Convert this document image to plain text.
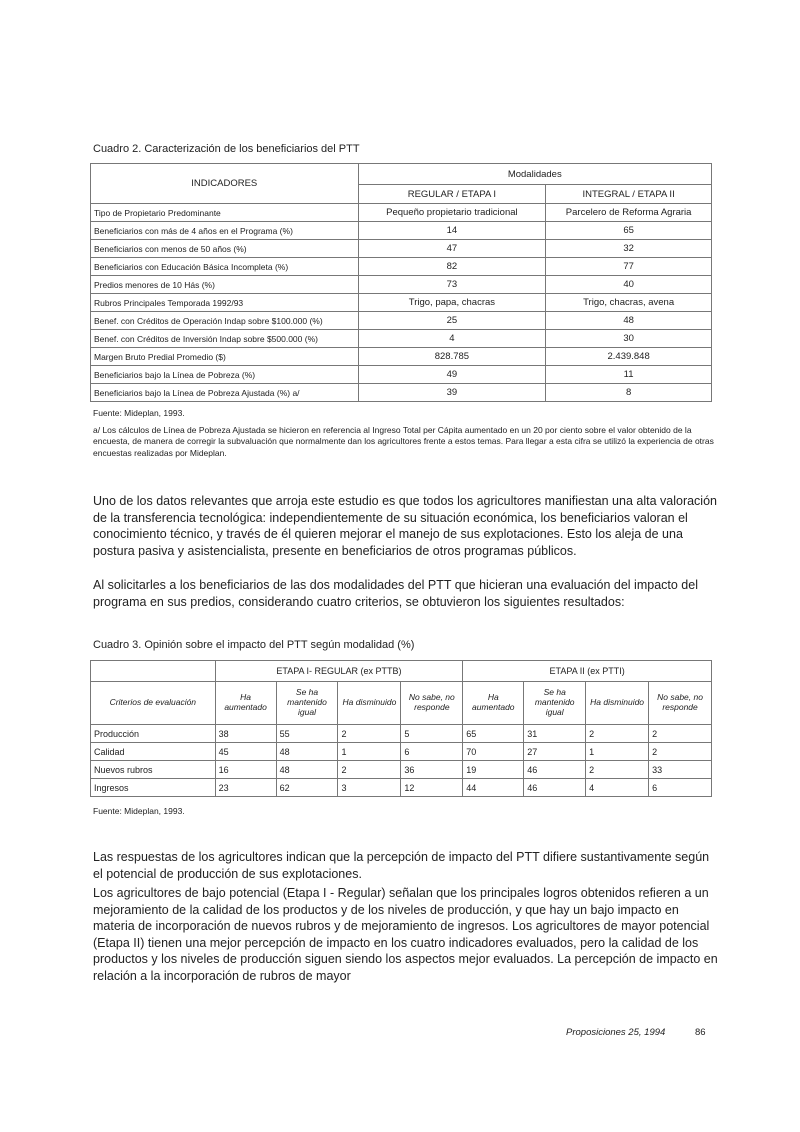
Cuadro 2. Caracterización de los beneficiarios del PTT
INDICADORES	Modalidades	
	REGULAR / ETAPA I	INTEGRAL / ETAPA II
Tipo de Propietario Predominante	Pequeño propietario tradicional	Parcelero de Reforma Agraria
Beneficiarios con más de 4 años en el Programa (%)	14	65
Beneficiarios con menos de 50 años (%)	47	32
Beneficiarios con Educación Básica Incompleta (%)	82	77
Predios menores de 10 Hás (%)	73	40
Rubros Principales Temporada 1992/93	Trigo, papa, chacras	Trigo, chacras, avena
Benef. con Créditos de Operación Indap sobre $100.000 (%)	25	48
Benef. con Créditos de Inversión Indap sobre $500.000 (%)	4	30
Margen Bruto Predial Promedio ($)	828.785	2.439.848
Beneficiarios bajo la Línea de Pobreza (%)	49	11
Beneficiarios bajo la Línea de Pobreza Ajustada (%) a/	39	8
Fuente: Mideplan, 1993.
a/ Los cálculos de Línea de Pobreza Ajustada se hicieron en referencia al Ingreso Total per Cápita aumentado en un 20 por ciento sobre el valor obtenido de la encuesta, de manera de corregir la subvaluación que normalmente dan los agricultores frente a estos temas. Para llegar a esta cifra se utilizó la experiencia de otras encuestas realizadas por Mideplan.

Uno de los datos relevantes que arroja este estudio es que todos los agricultores manifiestan una alta valoración de la transferencia tecnológica: independientemente de su situación económica, los beneficiarios valoran el conocimiento técnico, y través de él quieren mejorar el manejo de sus explotaciones. Esto los aleja de una postura pasiva y asistencialista, presente en beneficiarios de otros programas públicos.

Al solicitarles a los beneficiarios de las dos modalidades del PTT que hicieran una evaluación del impacto del programa en sus predios, considerando cuatro criterios, se obtuvieron los siguientes resultados:

Cuadro 3. Opinión sobre el impacto del PTT según modalidad (%)
	ETAPA I- REGULAR (ex PTTB)				ETAPA II (ex PTTI)			
Criterios de evaluación	Ha aumentado	Se ha mantenido igual	Ha disminuido	No sabe, no responde	Ha aumentado	Se ha mantenido igual	Ha disminuido	No sabe, no responde
Producción	38	55	2	5	65	31	2	2
Calidad	45	48	1	6	70	27	1	2
Nuevos rubros	16	48	2	36	19	46	2	33
Ingresos	23	62	3	12	44	46	4	6
Fuente: Mideplan, 1993.

Las respuestas de los agricultores indican que la percepción de impacto del PTT difiere sustantivamente según el potencial de producción de sus explotaciones.

Los agricultores de bajo potencial (Etapa I - Regular) señalan que los principales logros obtenidos refieren a un mejoramiento de la calidad de los productos y de los niveles de producción, y que hay un bajo impacto en materia de incorporación de nuevos rubros y de mejoramiento de ingresos. Los agricultores de mayor potencial (Etapa II) tienen una mejor percepción de impacto en los cuatro indicadores evaluados, pero la calidad de los productos y los niveles de producción siguen siendo los aspectos mejor evaluados. La percepción de impacto en relación a la incorporación de rubros de mayor

Proposiciones 25, 1994	86
